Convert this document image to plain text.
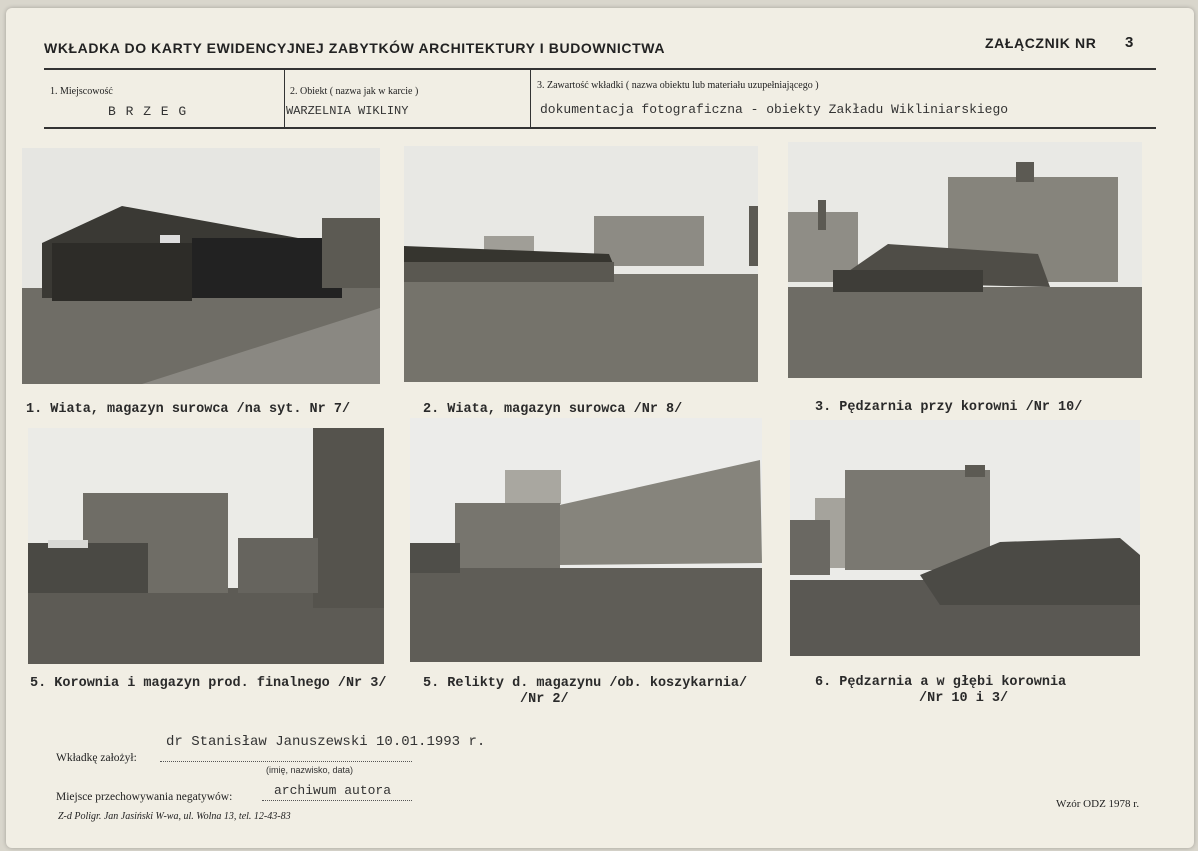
WKŁADKA DO KARTY EWIDENCYJNEJ ZABYTKÓW ARCHITEKTURY I BUDOWNICTWA	ZAŁĄCZNIK NR 3
1. Miejscowość
B R Z E G
2. Obiekt ( nazwa jak w karcie )
WARZELNIA WIKLINY
3. Zawartość wkładki ( nazwa obiektu lub materiału uzupełniającego )
dokumentacja fotograficzna - obiekty Zakładu Wikliniarskiego
1. Wiata, magazyn surowca /na syt. Nr 7/	2. Wiata, magazyn surowca /Nr 8/	3. Pędzarnia przy korowni /Nr 10/
5. Korownia i magazyn prod. finalnego /Nr 3/	5. Relikty d. magazynu /ob. koszykarnia/
/Nr 2/
6. Pędzarnia a w głębi korownia
/Nr 10 i 3/
dr Stanisław Januszewski 10.01.1993 r.
Wkładkę założył:
(imię, nazwisko, data)
Miejsce przechowywania negatywów:	archiwum autora
Z-d Poligr. Jan Jasiński W-wa, ul. Wolna 13, tel. 12-43-83
Wzór ODZ 1978 r.
